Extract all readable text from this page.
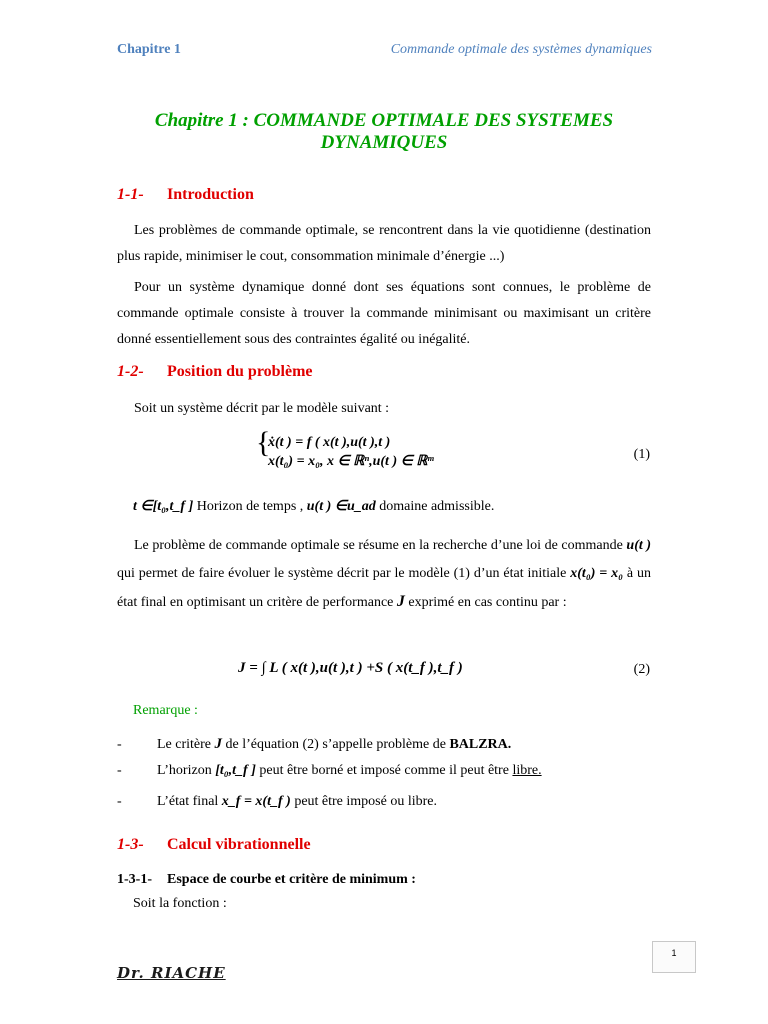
Chapitre 1	Commande optimale des systèmes dynamiques
Chapitre 1 : COMMANDE OPTIMALE DES SYSTEMES
DYNAMIQUES
1-1- Introduction
Les problèmes de commande optimale, se rencontrent dans la vie quotidienne (destination plus rapide, minimiser le cout, consommation minimale d’énergie ...)
Pour un système dynamique donné dont ses équations sont connues, le problème de commande optimale consiste à trouver la commande minimisant ou maximisant un critère donné essentiellement sous des contraintes égalité ou inégalité.
1-2- Position du problème
Soit un système décrit par le modèle suivant :
{
ẋ(t ) = f ( x(t ),u(t ),t )
x(t₀) = x₀, x ∈ ℝⁿ,u(t ) ∈ ℝᵐ	(1)
t ∈[t₀,t_f ] Horizon de temps , u(t ) ∈u_ad domaine admissible.
Le problème de commande optimale se résume en la recherche d’une loi de commande u(t ) qui permet de faire évoluer le système décrit par le modèle (1) d’un état initiale x(t₀) = x₀ à un état final en optimisant un critère de performance J exprimé en cas continu par :
J = ∫ L ( x(t ),u(t ),t ) +S ( x(t_f ),t_f )	(2)
Remarque :
-	Le critère J de l’équation (2) s’appelle problème de BALZRA.
-	L’horizon [t₀,t_f ] peut être borné et imposé comme il peut être libre.
-	L’état final x_f = x(t_f ) peut être imposé ou libre.
1-3- Calcul vibrationnelle
1-3-1- Espace de courbe et critère de minimum :
Soit la fonction :
Dr. RIACHE
1
